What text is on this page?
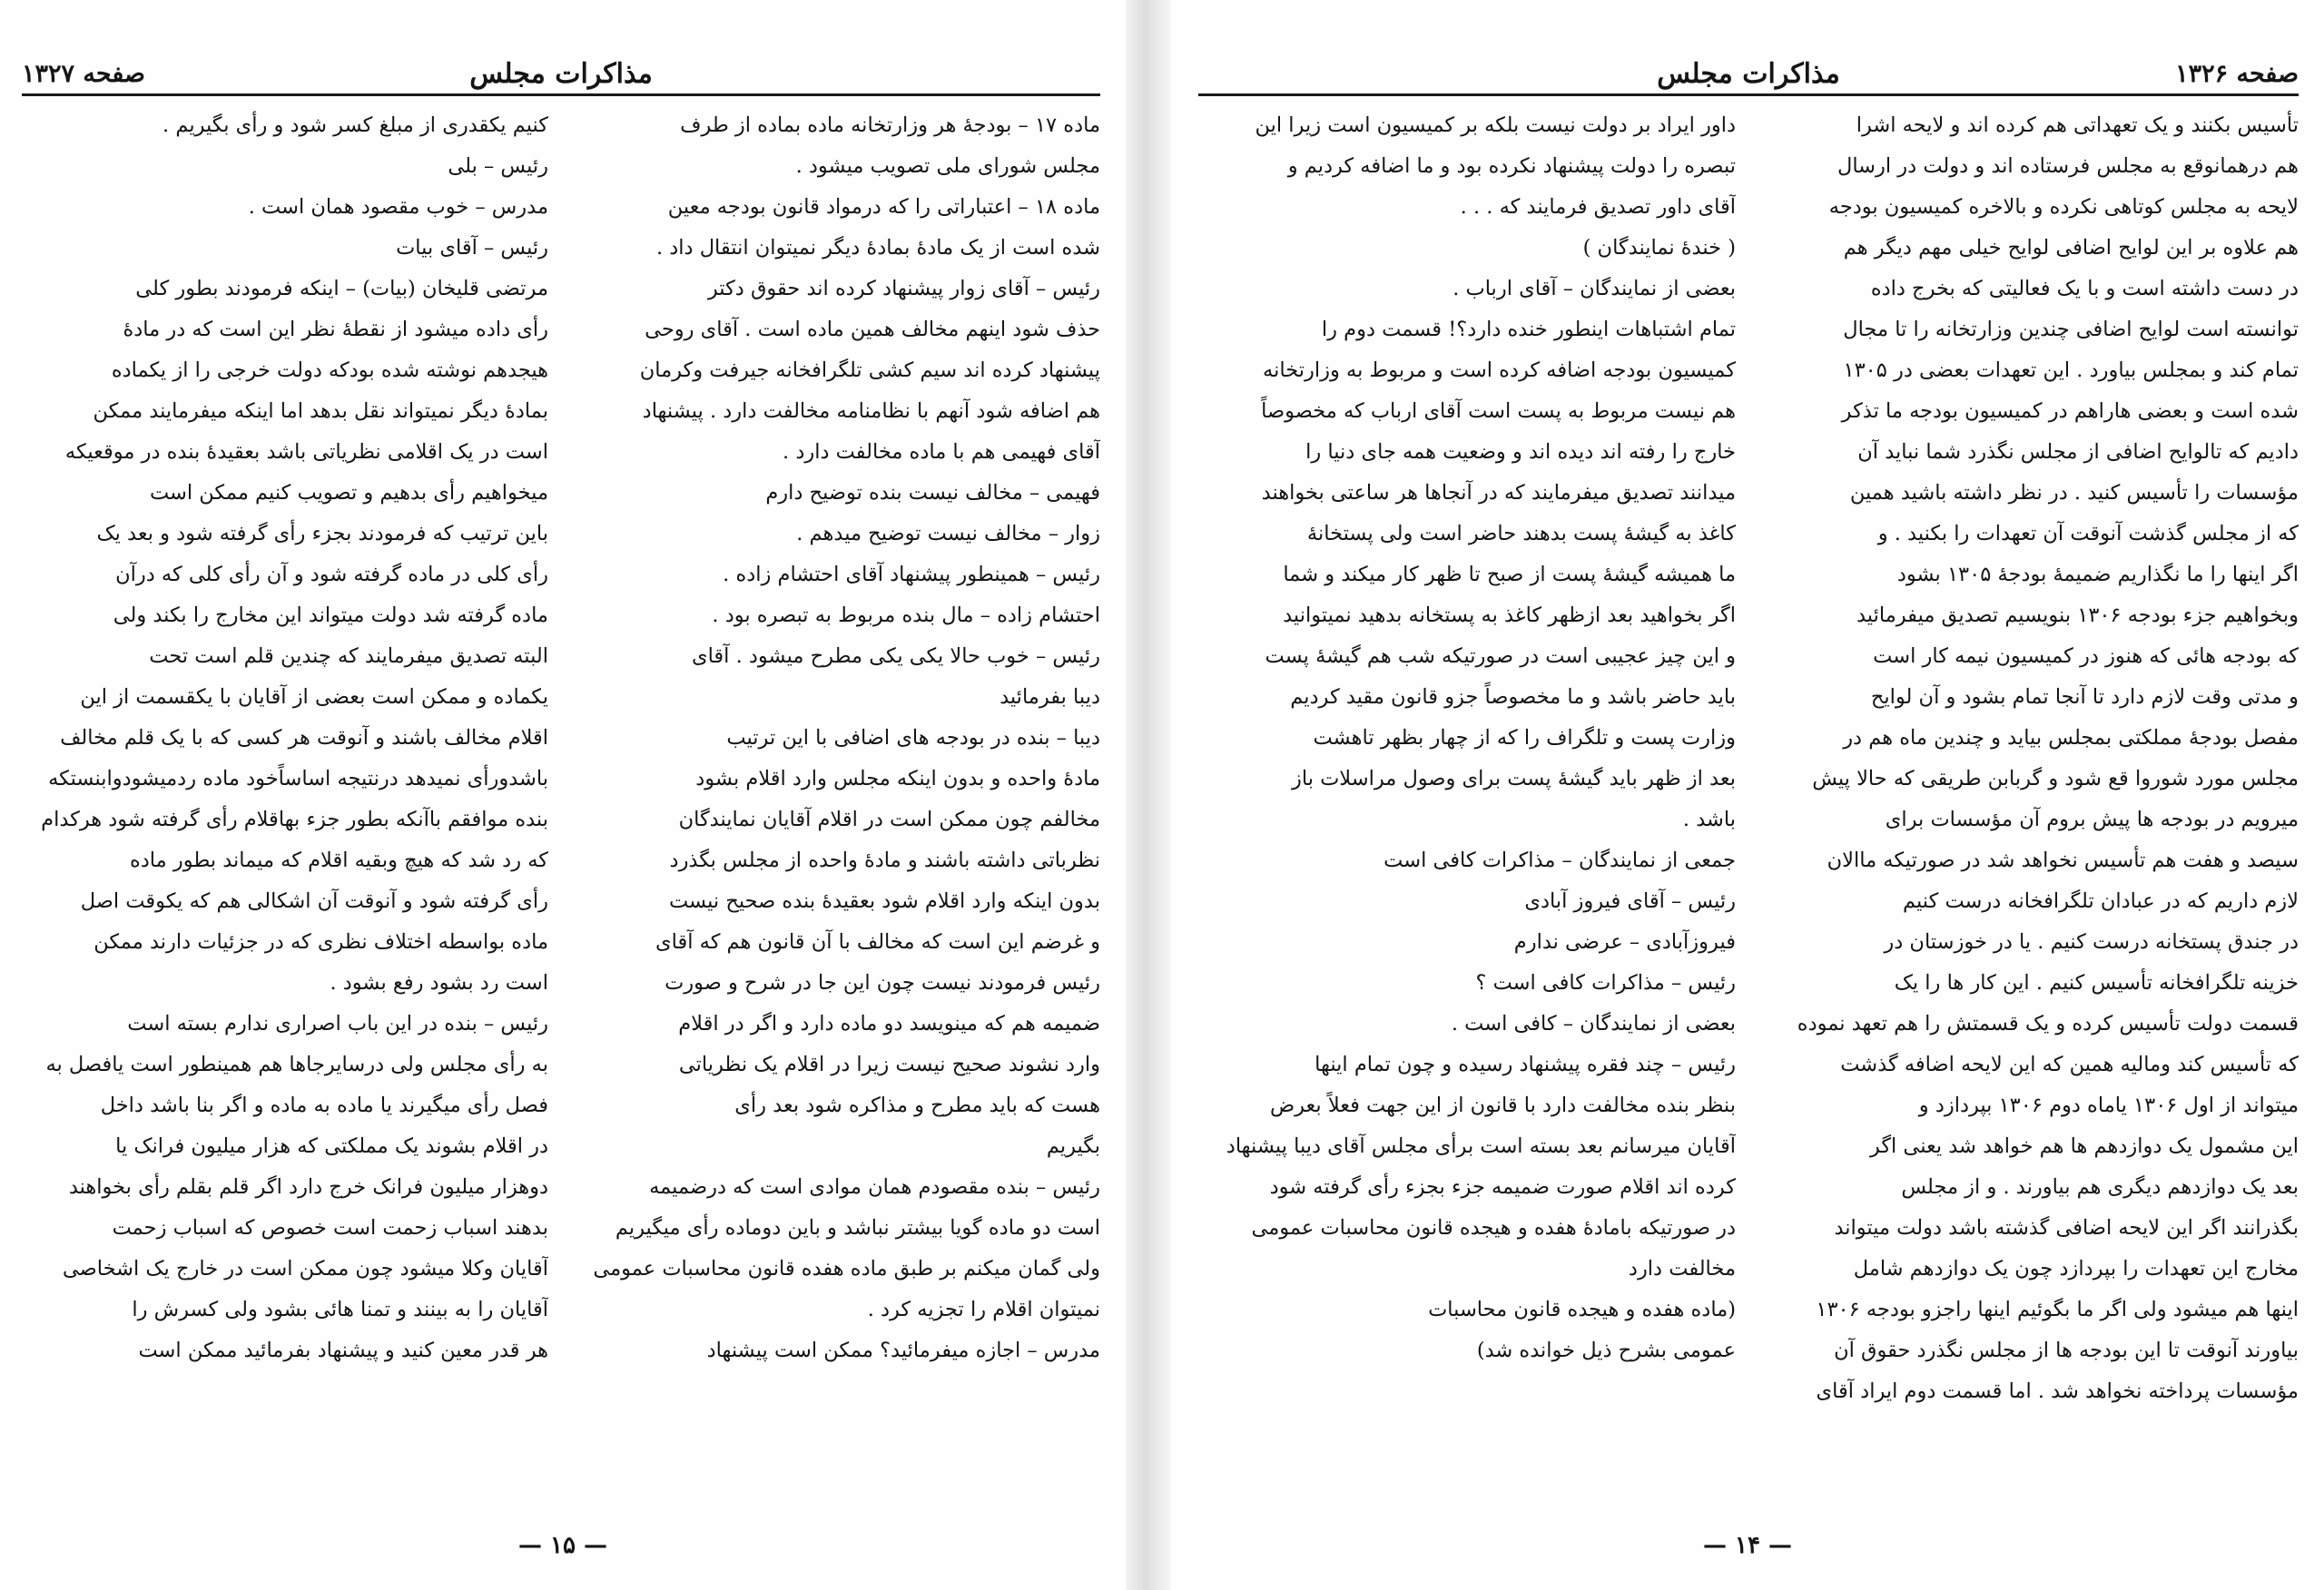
صفحه ۱۳۲۶
مذاکرات مجلس

تأسیس بکنند و یک تعهداتی هم کرده اند و لایحه اشرا

هم درهمانوقع به مجلس فرستاده اند و دولت در ارسال

لایحه به مجلس کوتاهی نکرده و بالاخره کمیسیون بودجه

هم علاوه بر این لوایح اضافی لوایح خیلی مهم دیگر هم

در دست داشته است و با یک فعالیتی که بخرج داده

توانسته است لوایح اضافی چندین وزارتخانه را تا مجال

تمام کند و بمجلس بیاورد . این تعهدات بعضی در ۱۳۰۵

شده است و بعضی هاراهم در کمیسیون بودجه ما تذکر

دادیم که تالوایح اضافی از مجلس نگذرد شما نباید آن

مؤسسات را تأسیس کنید . در نظر داشته باشید همین

که از مجلس گذشت آنوقت آن تعهدات را بکنید . و

اگر اینها را ما نگذاریم ضمیمهٔ بودجهٔ ۱۳۰۵ بشود

وبخواهیم جزء بودجه ۱۳۰۶ بنویسیم تصدیق میفرمائید

که بودجه هائی که هنوز در کمیسیون نیمه کار است

و مدتی وقت لازم دارد تا آنجا تمام بشود و آن لوایح

مفصل بودجهٔ مملکتی بمجلس بیاید و چندین ماه هم در

مجلس مورد شوروا قع شود و گربابن طریقی که حالا پیش

میرویم در بودجه ها پیش بروم آن مؤسسات برای

سیصد و هفت هم تأسیس نخواهد شد در صورتیکه ماالان

لازم داریم که در عبادان تلگرافخانه درست کنیم

در جندق پستخانه درست کنیم . یا در خوزستان در

خزینه تلگرافخانه تأسیس کنیم . این کار ها را یک

قسمت دولت تأسیس کرده و یک قسمتش را هم تعهد نموده

که تأسیس کند ومالیه همین که این لایحه اضافه گذشت

میتواند از اول ۱۳۰۶ یاماه دوم ۱۳۰۶ بپردازد و

این مشمول یک دوازدهم ها هم خواهد شد یعنی اگر

بعد یک دوازدهم دیگری هم بیاورند . و از مجلس

بگذرانند اگر این لایحه اضافی گذشته باشد دولت میتواند

مخارج این تعهدات را بپردازد چون یک دوازدهم شامل

اینها هم میشود ولی اگر ما بگوئیم اینها راجزو بودجه ۱۳۰۶

بیاورند آنوقت تا این بودجه ها از مجلس نگذرد حقوق آن

مؤسسات پرداخته نخواهد شد . اما قسمت دوم ایراد آقای

داور ایراد بر دولت نیست بلکه بر کمیسیون است زیرا این

تبصره را دولت پیشنهاد نکرده بود و ما اضافه کردیم و

آقای داور تصدیق فرمایند که . . .

( خندهٔ نمایندگان )

بعضی از نمایندگان – آقای ارباب .

تمام اشتباهات اینطور خنده دارد؟! قسمت دوم را

کمیسیون بودجه اضافه کرده است و مربوط به وزارتخانه

هم نیست مربوط به پست است آقای ارباب که مخصوصاً

خارج را رفته اند دیده اند و وضعیت همه جای دنیا را

میدانند تصدیق میفرمایند که در آنجاها هر ساعتی بخواهند

کاغذ به گیشهٔ پست بدهند حاضر است ولی پستخانهٔ

ما همیشه گیشهٔ پست از صبح تا ظهر کار میکند و شما

اگر بخواهید بعد ازظهر کاغذ به پستخانه بدهید نمیتوانید

و این چیز عجیبی است در صورتیکه شب هم گیشهٔ پست

باید حاضر باشد و ما مخصوصاً جزو قانون مقید کردیم

وزارت پست و تلگراف را که از چهار بظهر تاهشت

بعد از ظهر باید گیشهٔ پست برای وصول مراسلات باز

باشد .

جمعی از نمایندگان – مذاکرات کافی است

رئیس – آقای فیروز آبادی

فیروزآبادی – عرضی ندارم

رئیس – مذاکرات کافی است ؟

بعضی از نمایندگان – کافی است .

رئیس – چند فقره پیشنهاد رسیده و چون تمام اینها

بنظر بنده مخالفت دارد با قانون از این جهت فعلاً بعرض

آقایان میرسانم بعد بسته است برأی مجلس آقای دیبا پیشنهاد

کرده اند اقلام صورت ضمیمه جزء بجزء رأی گرفته شود

در صورتیکه بامادهٔ هفده و هیجده قانون محاسبات عمومی

مخالفت دارد

(ماده هفده و هیجده قانون محاسبات

عمومی بشرح ذیل خوانده شد)

— ۱۴ —
صفحه ۱۳۲۷	مذاکرات مجلس

ماده ۱۷ – بودجهٔ هر وزارتخانه ماده بماده از طرف

مجلس شورای ملی تصویب میشود .

ماده ۱۸ – اعتباراتی را که درمواد قانون بودجه معین

شده است از یک مادهٔ بمادهٔ دیگر نمیتوان انتقال داد .

رئیس – آقای زوار پیشنهاد کرده اند حقوق دکتر

حذف شود اینهم مخالف همین ماده است . آقای روحی

پیشنهاد کرده اند سیم کشی تلگرافخانه جیرفت وکرمان

هم اضافه شود آنهم با نظامنامه مخالفت دارد . پیشنهاد

آقای فهیمی هم با ماده مخالفت دارد .

فهیمی – مخالف نیست بنده توضیح دارم

زوار – مخالف نیست توضیح میدهم .

رئیس – همینطور پیشنهاد آقای احتشام زاده .

احتشام زاده – مال بنده مربوط به تبصره بود .

رئیس – خوب حالا یکی یکی مطرح میشود . آقای

دیبا بفرمائید

دیبا – بنده در بودجه های اضافی با این ترتیب

مادهٔ واحده و بدون اینکه مجلس وارد اقلام بشود

مخالفم چون ممکن است در اقلام آقایان نمایندگان

نظرباتی داشته باشند و مادهٔ واحده از مجلس بگذرد

بدون اینکه وارد اقلام شود بعقیدهٔ بنده صحیح نیست

و غرضم این است که مخالف با آن قانون هم که آقای

رئیس فرمودند نیست چون این جا در شرح و صورت

ضمیمه هم که مینویسد دو ماده دارد و اگر در اقلام

وارد نشوند صحیح نیست زیرا در اقلام یک نظریاتی

هست که باید مطرح و مذاکره شود بعد رأی

بگیریم

رئیس – بنده مقصودم همان موادی است که درضمیمه

است دو ماده گویا بیشتر نباشد و باین دوماده رأی میگیریم

ولی گمان میکنم بر طبق ماده هفده قانون محاسبات عمومی

نمیتوان اقلام را تجزیه کرد .

مدرس – اجازه میفرمائید؟ ممکن است پیشنهاد

کنیم یکقدری از مبلغ کسر شود و رأی بگیریم .

رئیس – بلی

مدرس – خوب مقصود همان است .

رئیس – آقای بیات

مرتضی قلیخان (بیات) – اینکه فرمودند بطور کلی

رأی داده میشود از نقطهٔ نظر این است که در مادهٔ

هیجدهم نوشته شده بودکه دولت خرجی را از یکماده

بمادهٔ دیگر نمیتواند نقل بدهد اما اینکه میفرمایند ممکن

است در یک اقلامی نظریاتی باشد بعقیدهٔ بنده در موقعیکه

میخواهیم رأی بدهیم و تصویب کنیم ممکن است

باین ترتیب که فرمودند بجزء رأی گرفته شود و بعد یک

رأی کلی در ماده گرفته شود و آن رأی کلی که درآن

ماده گرفته شد دولت میتواند این مخارج را بکند ولی

البته تصدیق میفرمایند که چندین قلم است تحت

یکماده و ممکن است بعضی از آقایان با یکقسمت از این

اقلام مخالف باشند و آنوقت هر کسی که با یک قلم مخالف

باشدورأی نمیدهد درنتیجه اساساًخود ماده ردمیشودوابنستکه

بنده موافقم باآنکه بطور جزء بهاقلام رأی گرفته شود هرکدام

که رد شد که هیچ وبقیه اقلام که میماند بطور ماده

رأی گرفته شود و آنوقت آن اشکالی هم که یکوقت اصل

ماده بواسطه اختلاف نظری که در جزئیات دارند ممکن

است رد بشود رفع بشود .

رئیس – بنده در این باب اصراری ندارم بسته است

به رأی مجلس ولی درسایرجاها هم همینطور است یافصل به

فصل رأی میگیرند یا ماده به ماده و اگر بنا باشد داخل

در اقلام بشوند یک مملکتی که هزار میلیون فرانک یا

دوهزار میلیون فرانک خرج دارد اگر قلم بقلم رأی بخواهند

بدهند اسباب زحمت است خصوص که اسباب زحمت

آقایان وکلا میشود چون ممکن است در خارج یک اشخاصی

آقایان را به بینند و تمنا هائی بشود ولی کسرش را

هر قدر معین کنید و پیشنهاد بفرمائید ممکن است

— ۱۵ —
